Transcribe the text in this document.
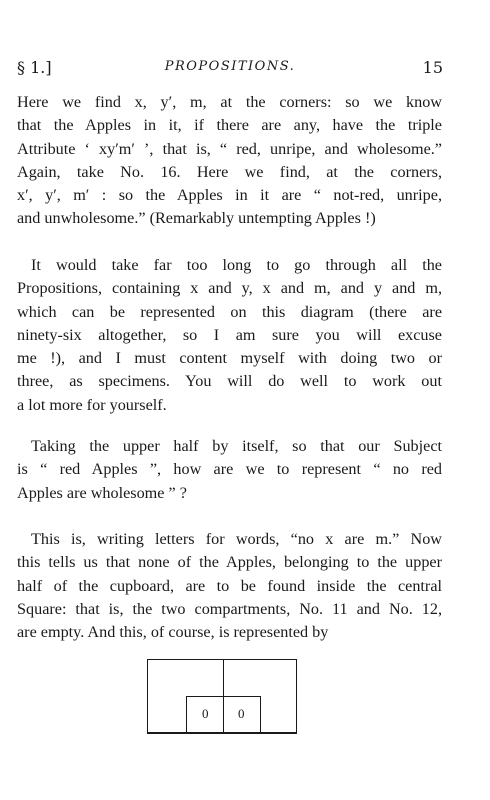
§ 1.]	PROPOSITIONS.	15
Here we find x, y′, m, at the corners: so we know
that the Apples in it, if there are any, have the triple
Attribute ‘ xy′m′ ’, that is, “ red, unripe, and wholesome.”
Again, take No. 16. Here we find, at the corners,
x′, y′, m′ : so the Apples in it are “ not-red, unripe,
and unwholesome.” (Remarkably untempting Apples !)
It would take far too long to go through all the
Propositions, containing x and y, x and m, and y and m,
which can be represented on this diagram (there are
ninety-six altogether, so I am sure you will excuse
me !), and I must content myself with doing two or
three, as specimens. You will do well to work out
a lot more for yourself.
Taking the upper half by itself, so that our Subject
is “ red Apples ”, how are we to represent “ no red
Apples are wholesome ” ?
This is, writing letters for words, “no x are m.” Now
this tells us that none of the Apples, belonging to the upper
half of the cupboard, are to be found inside the central
Square: that is, the two compartments, No. 11 and No. 12,
are empty. And this, of course, is represented by
0 0
